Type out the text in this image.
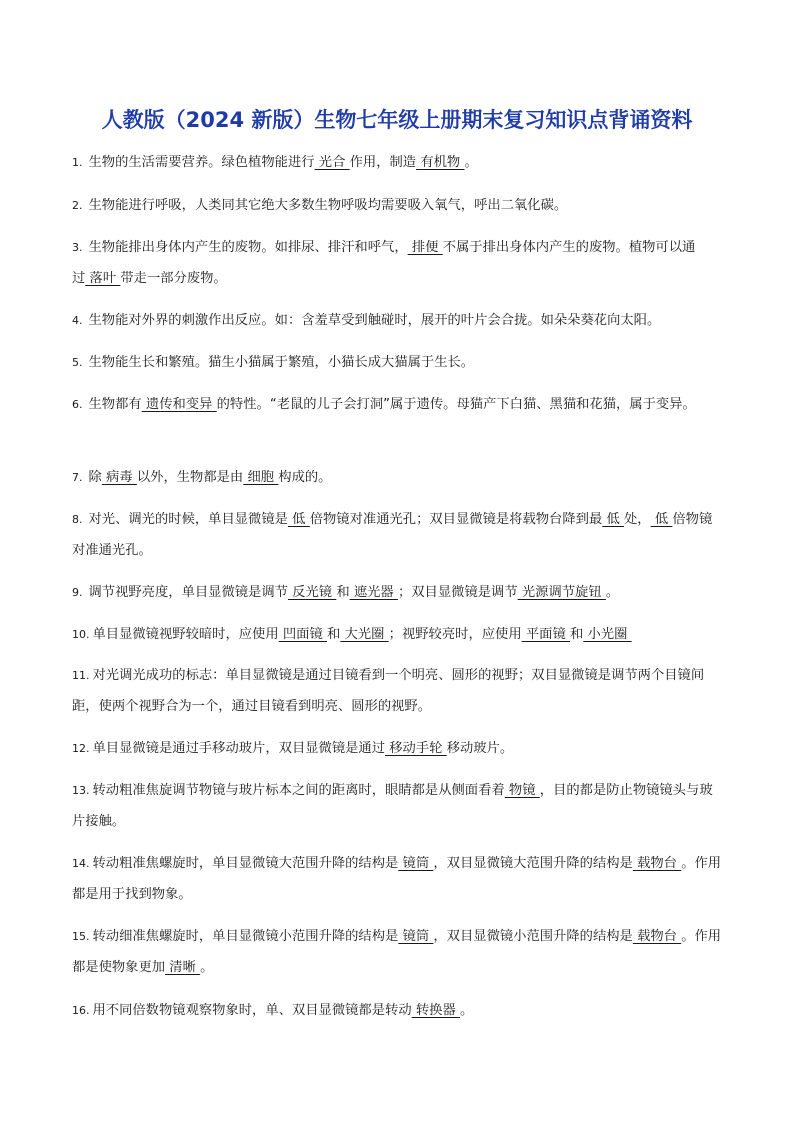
人教版（2024 新版）生物七年级上册期末复习知识点背诵资料
1. 生物的生活需要营养。绿色植物能进行 光合 作用，制造 有机物 。
2. 生物能进行呼吸，人类同其它绝大多数生物呼吸均需要吸入氧气，呼出二氧化碳。
3. 生物能排出身体内产生的废物。如排尿、排汗和呼气， 排便 不属于排出身体内产生的废物。植物可以通过 落叶 带走一部分废物。
4. 生物能对外界的刺激作出反应。如：含羞草受到触碰时，展开的叶片会合拢。如朵朵葵花向太阳。
5. 生物能生长和繁殖。猫生小猫属于繁殖，小猫长成大猫属于生长。
6. 生物都有 遗传和变异 的特性。“老鼠的儿子会打洞”属于遗传。母猫产下白猫、黑猫和花猫，属于变异。
7. 除 病毒 以外，生物都是由 细胞 构成的。
8. 对光、调光的时候，单目显微镜是 低 倍物镜对准通光孔；双目显微镜是将载物台降到最 低 处， 低 倍物镜对准通光孔。
9. 调节视野亮度，单目显微镜是调节 反光镜 和 遮光器 ；双目显微镜是调节 光源调节旋钮 。
10. 单目显微镜视野较暗时，应使用 凹面镜 和 大光圈 ；视野较亮时，应使用 平面镜 和 小光圈
11. 对光调光成功的标志：单目显微镜是通过目镜看到一个明亮、圆形的视野；双目显微镜是调节两个目镜间距，使两个视野合为一个，通过目镜看到明亮、圆形的视野。
12. 单目显微镜是通过手移动玻片，双目显微镜是通过 移动手轮 移动玻片。
13. 转动粗准焦旋调节物镜与玻片标本之间的距离时，眼睛都是从侧面看着 物镜 ，目的都是防止物镜镜头与玻片接触。
14. 转动粗准焦螺旋时，单目显微镜大范围升降的结构是 镜筒 ，双目显微镜大范围升降的结构是 载物台 。作用都是用于找到物象。
15. 转动细准焦螺旋时，单目显微镜小范围升降的结构是 镜筒 ，双目显微镜小范围升降的结构是 载物台 。作用都是使物象更加 清晰 。
16. 用不同倍数物镜观察物象时，单、双目显微镜都是转动 转换器 。
